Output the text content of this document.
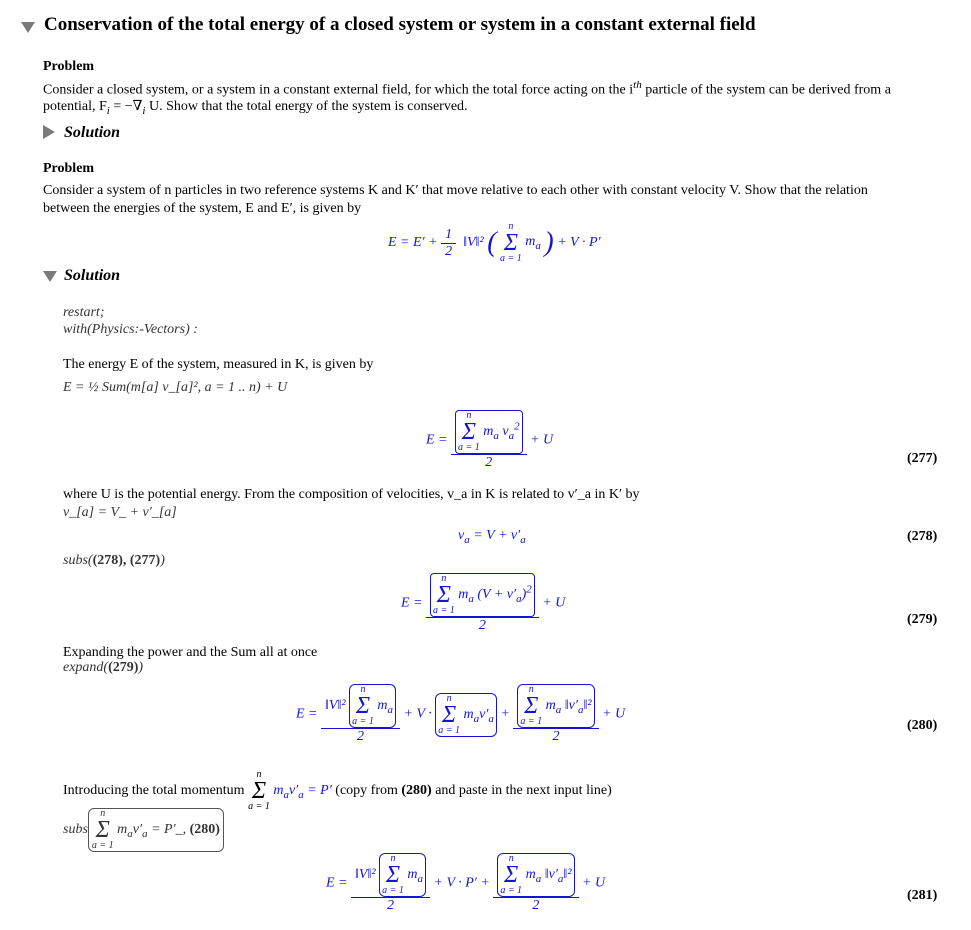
Conservation of the total energy of a closed system or system in a constant external field
Problem
Consider a closed system, or a system in a constant external field, for which the total force acting on the $i^{th}$ particle of the system can be derived from a
potential, $F_i = -\nabla_i$ U. Show that the total energy of the system is conserved.
Solution
Problem
Consider a system of n particles in two reference systems K and K′ that move relative to each other with constant velocity V. Show that the relation
between the energies of the system, E and E′, is given by
$E = E' + \frac{1}{2}$ ‖V‖² ( n
Σ
a = 1 $m_a$ ) + V · P′
Solution
restart;
with(Physics:-Vectors) :
The energy E of the system, measured in K, is given by
E = ½ Sum(m[a] v_[a]², a = 1 .. n) + U
E = n
Σ
a = 1 $m_a$ $v_a^2$
2 + U
(277)
where U is the potential energy. From the composition of velocities, v_a in K is related to v′_a in K′ by
v_[a] = V_ + v′_[a]
$v_a = V + v'_a$	(278)
subs((278), (277))
E = n
Σ
a = 1 $m_a$ $(V + v'_a)^2$
2 + U
(279)
Expanding the power and the Sum all at once
expand((279))
E = ‖V‖² n
Σ
a = 1 $m_a$
2 + V · n
Σ
a = 1 $m_av'_a + n$
Σ
a = 1 $m_a$ $‖v'_a‖^2$
2 + U
(280)
Introducing the total momentum n
Σ
a = 1 $m_av'_a = P'$ (copy from (280) and paste in the next input line)
subsn
Σ
a = 1 $m_av'_a$ = P′_, (280)
E = ‖V‖² n
Σ
a = 1 $m_a$
2 + V · P′ + n
Σ
a = 1 $m_a$ $‖v'_a‖^2$
2 + U
(281)
